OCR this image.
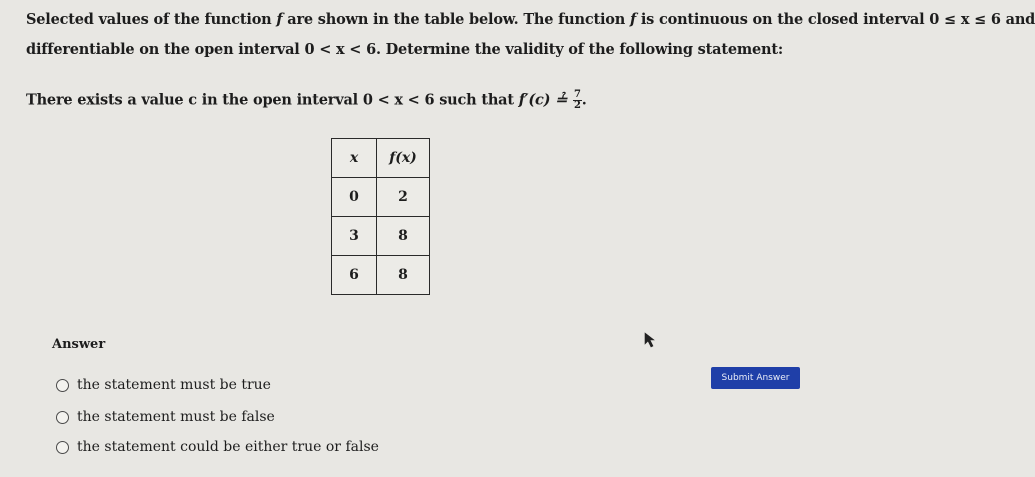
Selected values of the function f are shown in the table below. The function f is continuous on the closed interval 0 ≤ x ≤ 6 and
differentiable on the open interval 0 < x < 6. Determine the validity of the following statement:
There exists a value c in the open interval 0 < x < 6 such that f′(c) ≟ $\frac{7}{2}$ .
x	f(x)
0	2
3	8
6	8
Answer
the statement must be true
the statement must be false
the statement could be either true or false
Submit Answer
